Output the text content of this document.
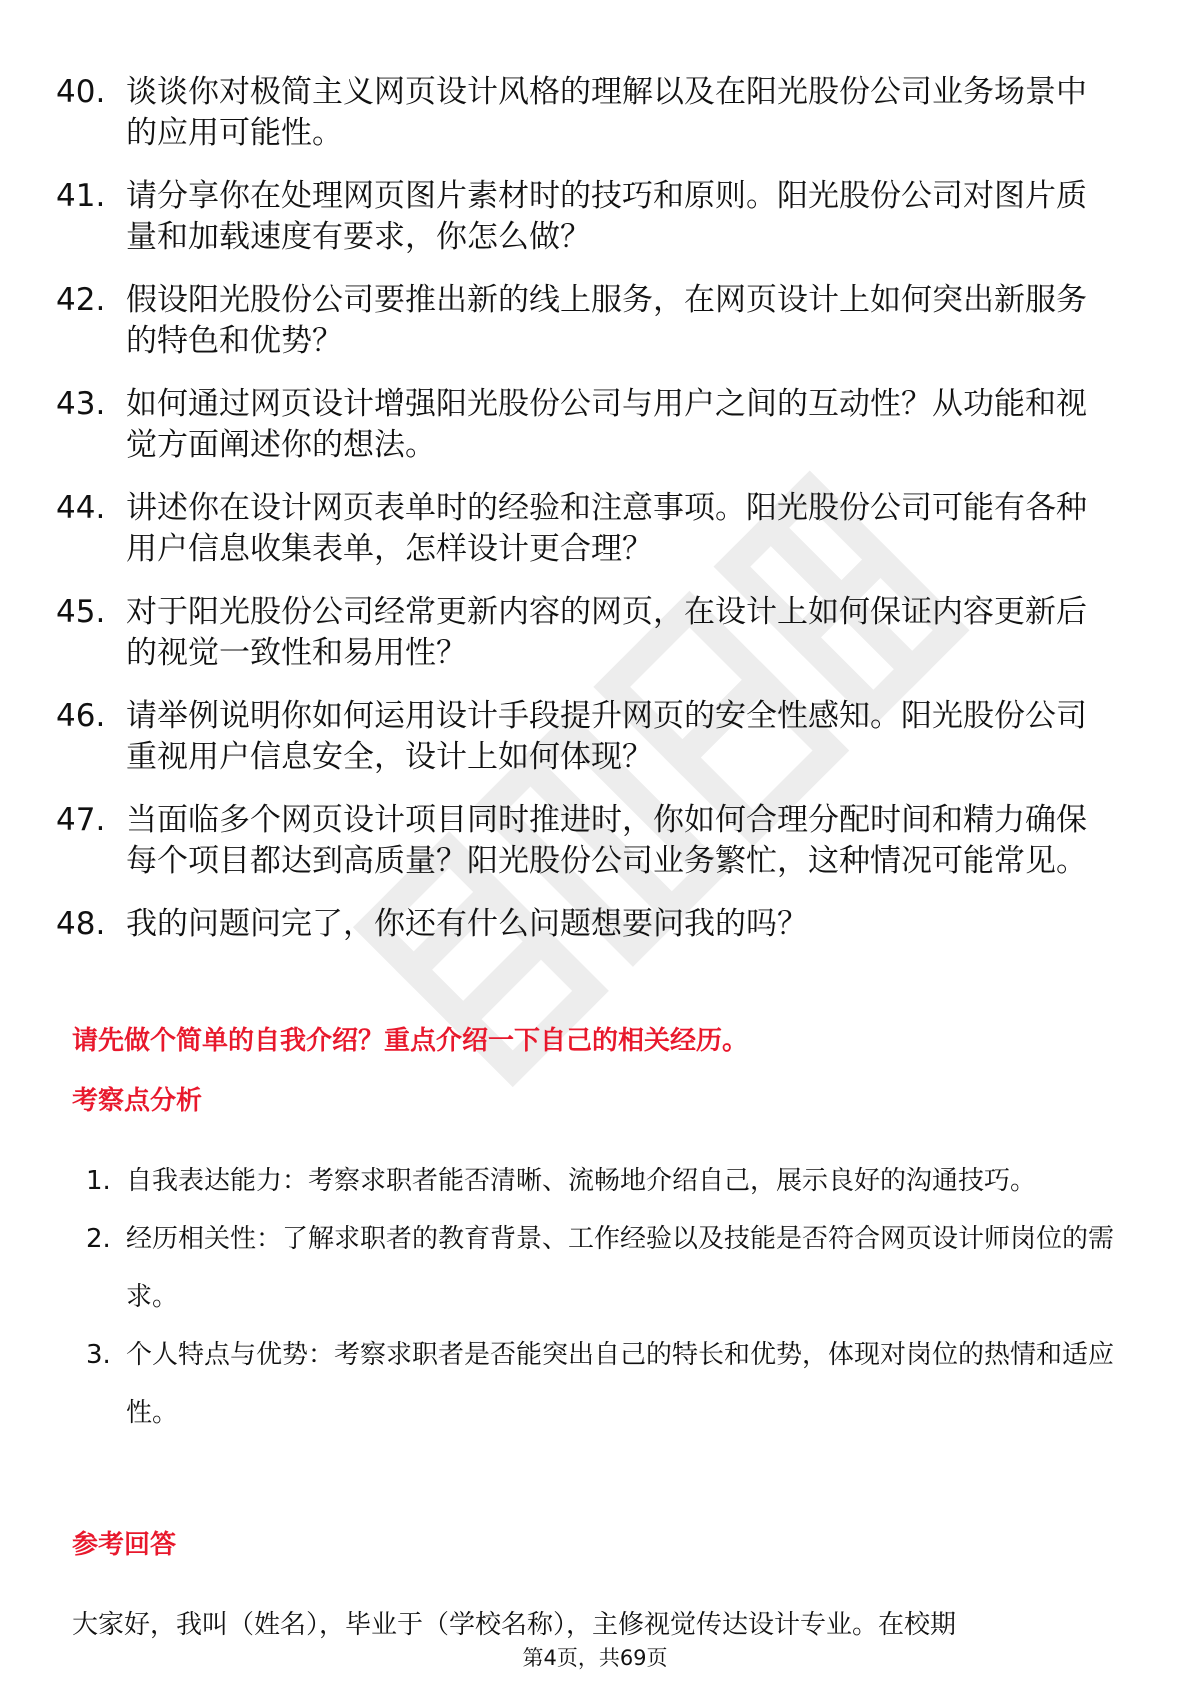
40. 谈谈你对极简主义网页设计风格的理解以及在阳光股份公司业务场景中的应用可能性。
41. 请分享你在处理网页图片素材时的技巧和原则。阳光股份公司对图片质量和加载速度有要求，你怎么做？
42. 假设阳光股份公司要推出新的线上服务，在网页设计上如何突出新服务的特色和优势？
43. 如何通过网页设计增强阳光股份公司与用户之间的互动性？从功能和视觉方面阐述你的想法。
44. 讲述你在设计网页表单时的经验和注意事项。阳光股份公司可能有各种用户信息收集表单，怎样设计更合理？
45. 对于阳光股份公司经常更新内容的网页，在设计上如何保证内容更新后的视觉一致性和易用性？
46. 请举例说明你如何运用设计手段提升网页的安全性感知。阳光股份公司重视用户信息安全，设计上如何体现？
47. 当面临多个网页设计项目同时推进时，你如何合理分配时间和精力确保每个项目都达到高质量？阳光股份公司业务繁忙，这种情况可能常见。
48. 我的问题问完了，你还有什么问题想要问我的吗？
请先做个简单的自我介绍？重点介绍一下自己的相关经历。
考察点分析
1. 自我表达能力：考察求职者能否清晰、流畅地介绍自己，展示良好的沟通技巧。
2. 经历相关性：了解求职者的教育背景、工作经验以及技能是否符合网页设计师岗位的需求。
3. 个人特点与优势：考察求职者是否能突出自己的特长和优势，体现对岗位的热情和适应性。
参考回答

大家好，我叫（姓名），毕业于（学校名称），主修视觉传达设计专业。在校期

第4页，共69页
